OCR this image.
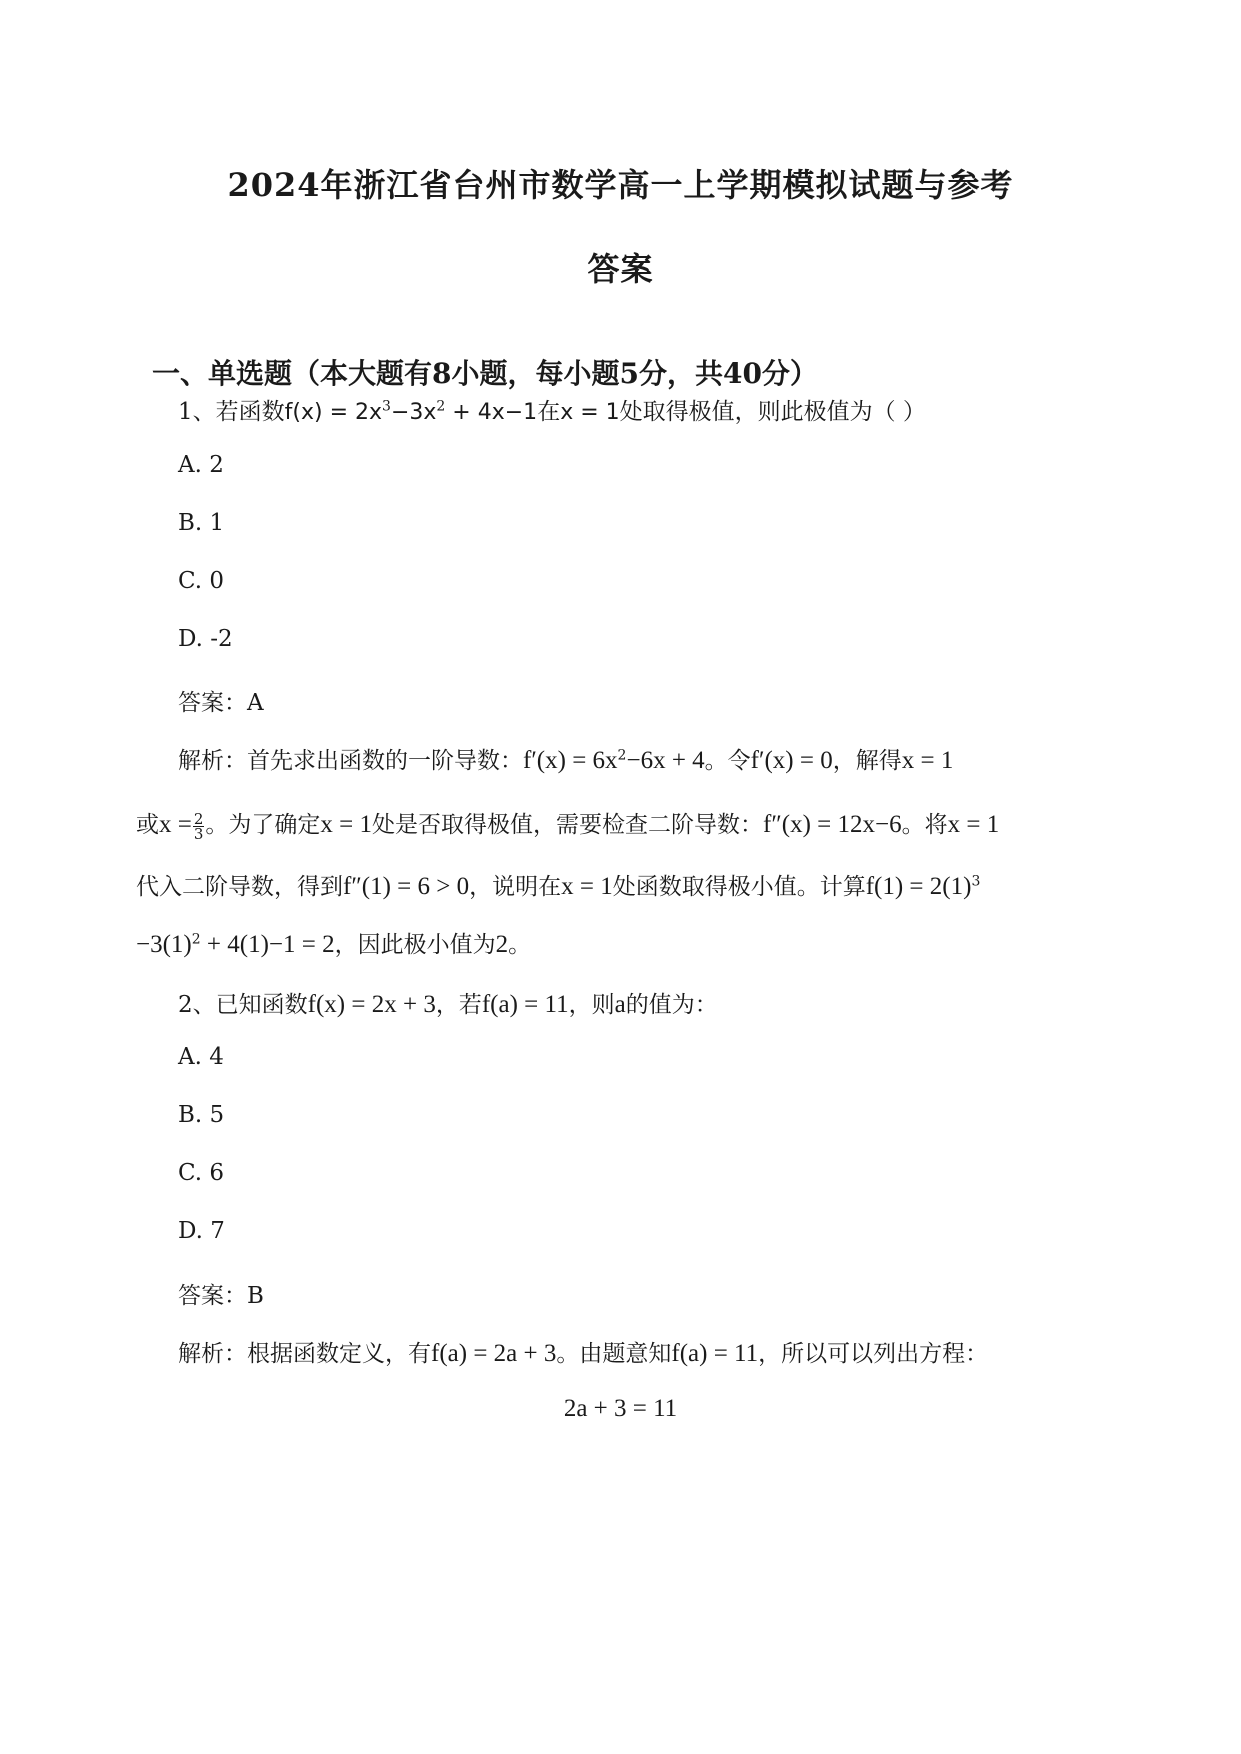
2024年浙江省台州市数学高一上学期模拟试题与参考
答案
一、单选题（本大题有8小题，每小题5分，共40分）
1、若函数$f(x) = 2x^3-3x^2 + 4x-1$在x = 1处取得极值，则此极值为（ ）
A. 2
B. 1
C. 0
D. -2
答案：A
解析：首先求出函数的一阶导数：$f'(x) = 6x^2-6x + 4$。令f′(x) = 0，解得x = 1
或$x = \frac{2}{3}$ 。为了确定x = 1处是否取得极值，需要检查二阶导数：f″(x) = 12x−6。将x = 1
代入二阶导数，得到f″(1) = 6 > 0，说明在x = 1处函数取得极小值。计算$f(1) = 2(1)^3$
$-3(1)^2 + 4(1)-1 = 2$，因此极小值为2。
2、已知函数f(x) = 2x + 3，若f(a) = 11，则a的值为：
A. 4
B. 5
C. 6
D. 7
答案：B
解析：根据函数定义，有f(a) = 2a + 3。由题意知f(a) = 11，所以可以列出方程：
2a + 3 = 11
